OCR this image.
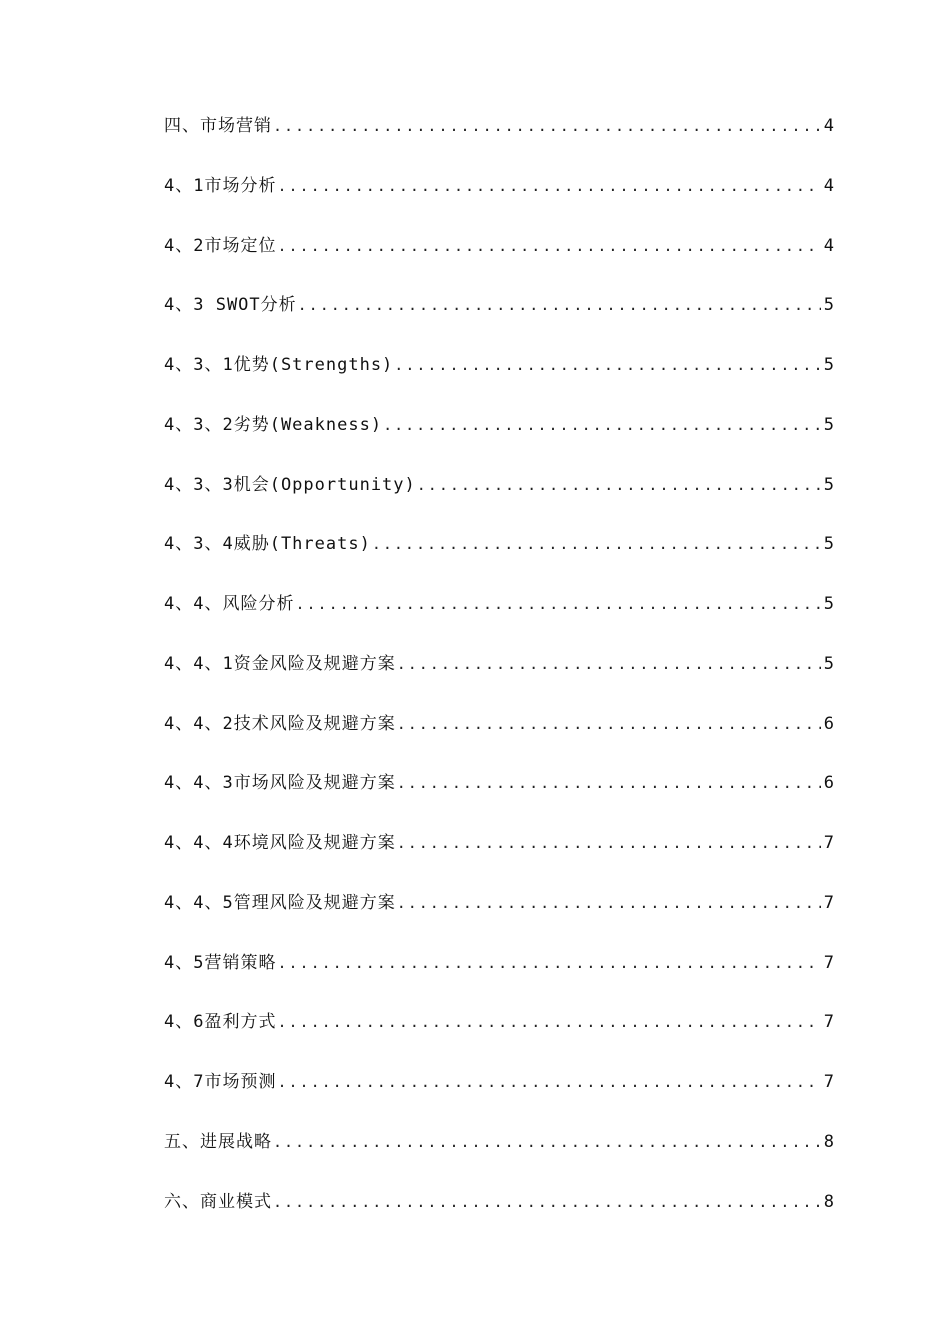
四、市场营销 .....	4
4、1市场分析 .....	4
4、2市场定位 .....	4
4、3 SWOT分析 .....	5
4、3、1优势(Strengths) .....	5
4、3、2劣势(Weakness) .....	5
4、3、3机会(Opportunity) .....	5
4、3、4威胁(Threats) .....	5
4、4、风险分析 .....	5
4、4、1资金风险及规避方案 .....	5
4、4、2技术风险及规避方案 .....	6
4、4、3市场风险及规避方案 .....	6
4、4、4环境风险及规避方案 .....	7
4、4、5管理风险及规避方案 .....	7
4、5营销策略 .....	7
4、6盈利方式 .....	7
4、7市场预测 .....	7
五、进展战略 .....	8
六、商业模式 .....	8
